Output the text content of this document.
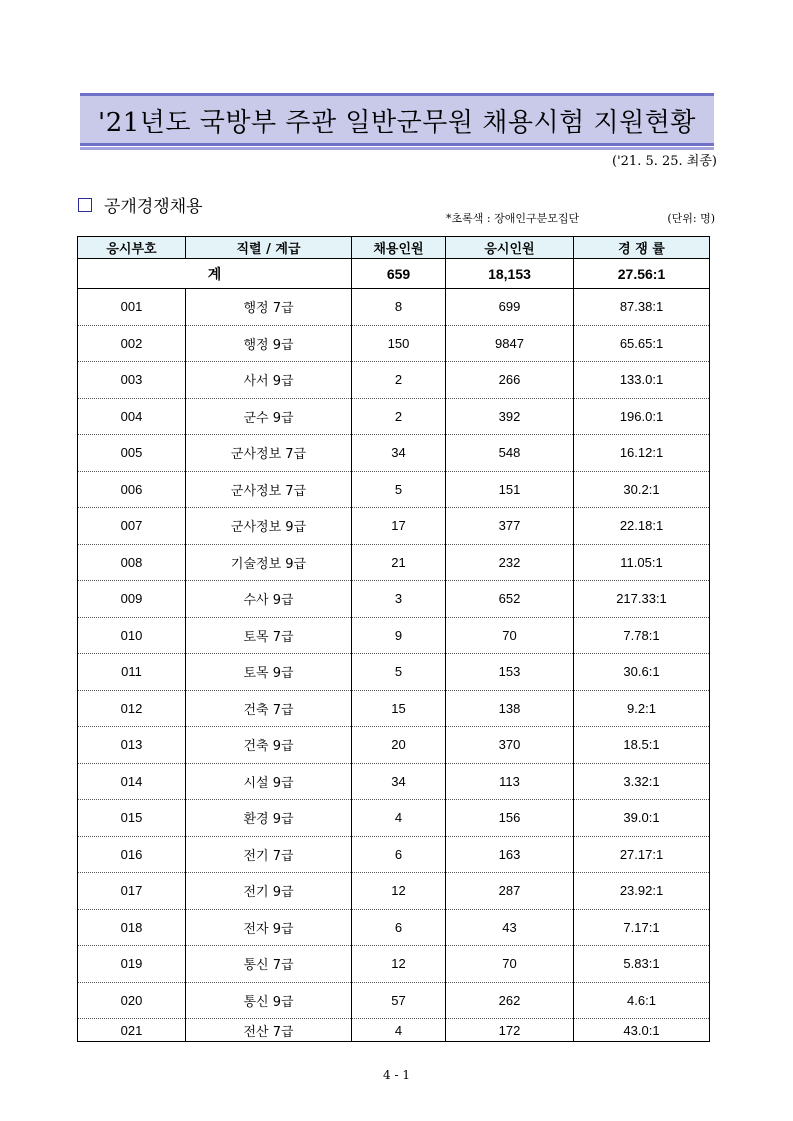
'21년도 국방부 주관 일반군무원 채용시험 지원현황
('21. 5. 25. 최종)
공개경쟁채용
*초록색 : 장애인구분모집단	(단위: 명)
응시부호	직렬 / 계급	채용인원	응시인원	경 쟁 률
계		659	18,153	27.56:1
001	행정 7급	8	699	87.38:1
002	행정 9급	150	9847	65.65:1
003	사서 9급	2	266	133.0:1
004	군수 9급	2	392	196.0:1
005	군사정보 7급	34	548	16.12:1
006	군사정보 7급	5	151	30.2:1
007	군사정보 9급	17	377	22.18:1
008	기술정보 9급	21	232	11.05:1
009	수사 9급	3	652	217.33:1
010	토목 7급	9	70	7.78:1
011	토목 9급	5	153	30.6:1
012	건축 7급	15	138	9.2:1
013	건축 9급	20	370	18.5:1
014	시설 9급	34	113	3.32:1
015	환경 9급	4	156	39.0:1
016	전기 7급	6	163	27.17:1
017	전기 9급	12	287	23.92:1
018	전자 9급	6	43	7.17:1
019	통신 7급	12	70	5.83:1
020	통신 9급	57	262	4.6:1
021	전산 7급	4	172	43.0:1
4 - 1
